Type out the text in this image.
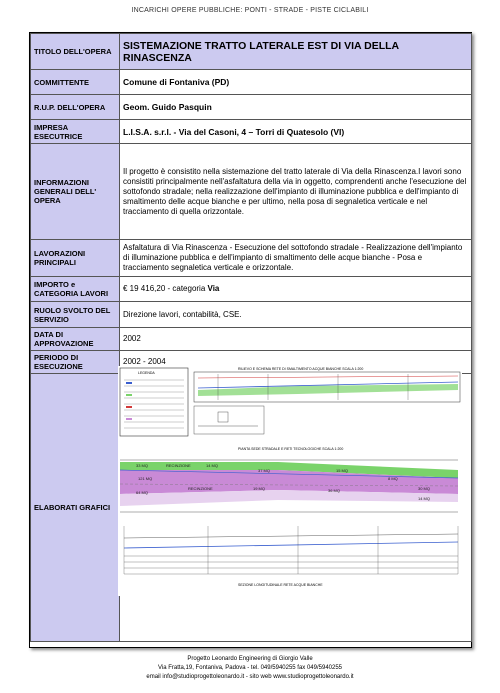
INCARICHI OPERE PUBBLICHE: PONTI - STRADE - PISTE CICLABILI
TITOLO DELL'OPERA	SISTEMAZIONE TRATTO LATERALE EST DI VIA DELLA RINASCENZA
COMMITTENTE	Comune di Fontaniva (PD)
R.U.P. DELL'OPERA	Geom. Guido Pasquin
IMPRESA ESECUTRICE	L.I.S.A. s.r.l. - Via del Casoni, 4 – Torri di Quatesolo (VI)
INFORMAZIONI GENERALI DELL' OPERA	Il progetto è consistito nella sistemazione del tratto laterale di Via della Rinascenza.I lavori sono consistiti principalmente nell'asfaltatura della via in oggetto, comprendenti anche l'esecuzione del sottofondo stradale; nella realizzazione dell'impianto di illuminazione pubblica e dell'impianto di smaltimento delle acque bianche e per ultimo, nella posa di segnaletica verticale e nel tracciamento di quella orizzontale.
LAVORAZIONI PRINCIPALI	Asfaltatura di Via Rinascenza - Esecuzione del sottofondo stradale - Realizzazione dell'impianto di illuminazione pubblica e dell'impianto di smaltimento delle acque bianche - Posa e tracciamento segnaletica verticale e orizzontale.
IMPORTO e CATEGORIA LAVORI	€ 19 416,20 - categoria Via
RUOLO SVOLTO DEL SERVIZIO	Direzione lavori, contabilità, CSE.
DATA DI APPROVAZIONE	2002
PERIODO DI ESECUZIONE	2002 - 2004
ELABORATI GRAFICI	
LEGENDA
RILIEVO E SCHEMA RETE DI SMALTIMENTO ACQUE BIANCHE SCALA 1:200
PIANTA SEDE STRADALE E RETI TECNOLOGICHE SCALA 1:200
33 MQ	RECINZIONE	14 MQ
37 MQ	15 MQ
121 MQ	8 MQ
64 MQ
RECINZIONE	19 MQ	36 MQ	30 MQ
14 MQ
SEZIONE LONGITUDINALE RETE ACQUE BIANCHE
Progetto Leonardo Engineering di Giorgio Valle
Via Fratta,19, Fontaniva, Padova - tel. 049/5940255 fax 049/5940255
email info@studioprogettoleonardo.it - sito web www.studioprogettoleonardo.it
